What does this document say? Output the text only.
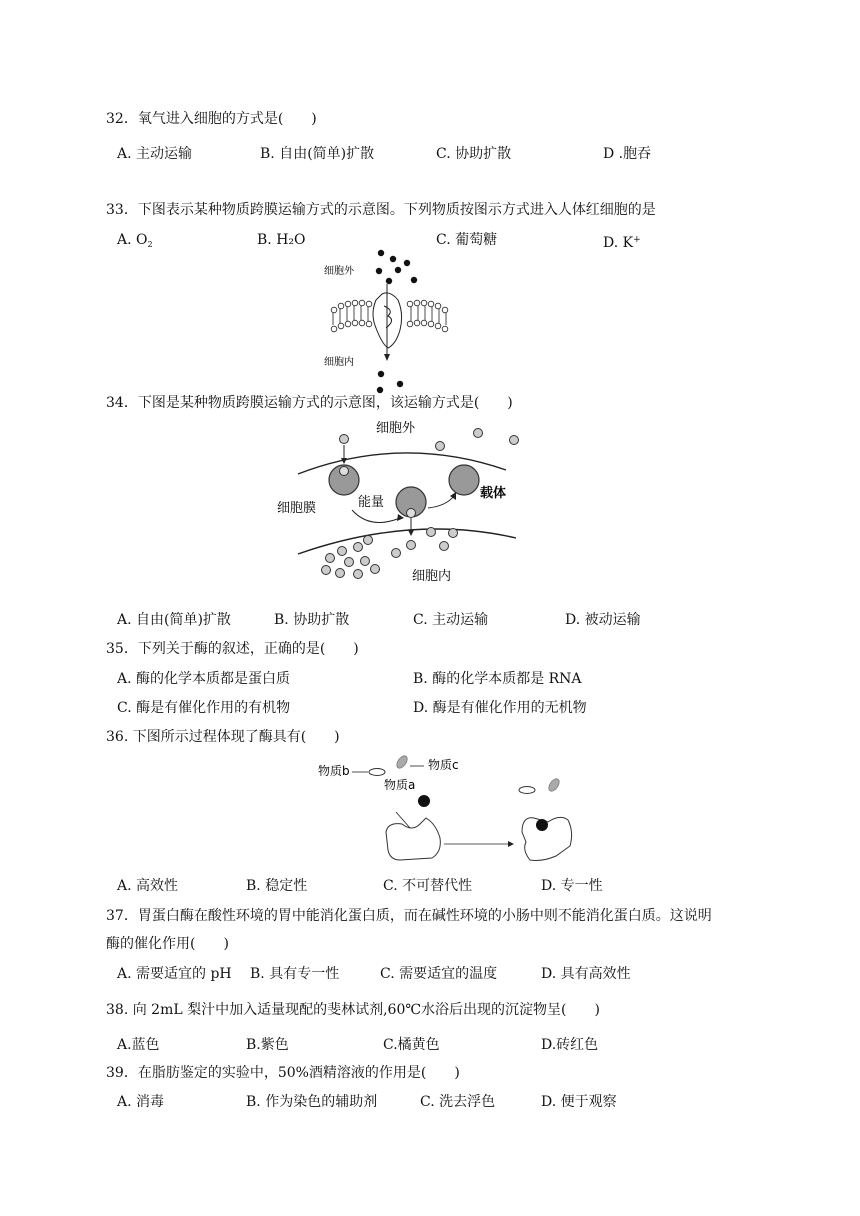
32．氧气进入细胞的方式是(　　)
A. 主动运输	B. 自由(简单)扩散	C. 协助扩散	D .胞吞
33．下图表示某种物质跨膜运输方式的示意图。下列物质按图示方式进入人体红细胞的是
A. $O_2$	B. H₂O	C. 葡萄糖	D. K+
细胞外
细胞内
34．下图是某种物质跨膜运输方式的示意图，该运输方式是(　　)
细胞外
细胞膜	能量
载体
细胞内
A. 自由(简单)扩散	B. 协助扩散	C. 主动运输	D. 被动运输
35．下列关于酶的叙述，正确的是(　　)
A. 酶的化学本质都是蛋白质	B. 酶的化学本质都是 RNA
C. 酶是有催化作用的有机物	D. 酶是有催化作用的无机物
36. 下图所示过程体现了酶具有(　　)
物质b	物质c
物质a
A. 高效性	B. 稳定性	C. 不可替代性	D. 专一性
37．胃蛋白酶在酸性环境的胃中能消化蛋白质，而在碱性环境的小肠中则不能消化蛋白质。这说明
酶的催化作用(　　)
A. 需要适宜的 pH B. 具有专一性	C. 需要适宜的温度	D. 具有高效性
38. 向 2mL 梨汁中加入适量现配的斐林试剂,60℃水浴后出现的沉淀物呈(　　)
A.蓝色	B.紫色	C.橘黄色	D.砖红色
39．在脂肪鉴定的实验中，50%酒精溶液的作用是(　　)
A. 消毒	B. 作为染色的辅助剂	C. 洗去浮色	D. 便于观察
